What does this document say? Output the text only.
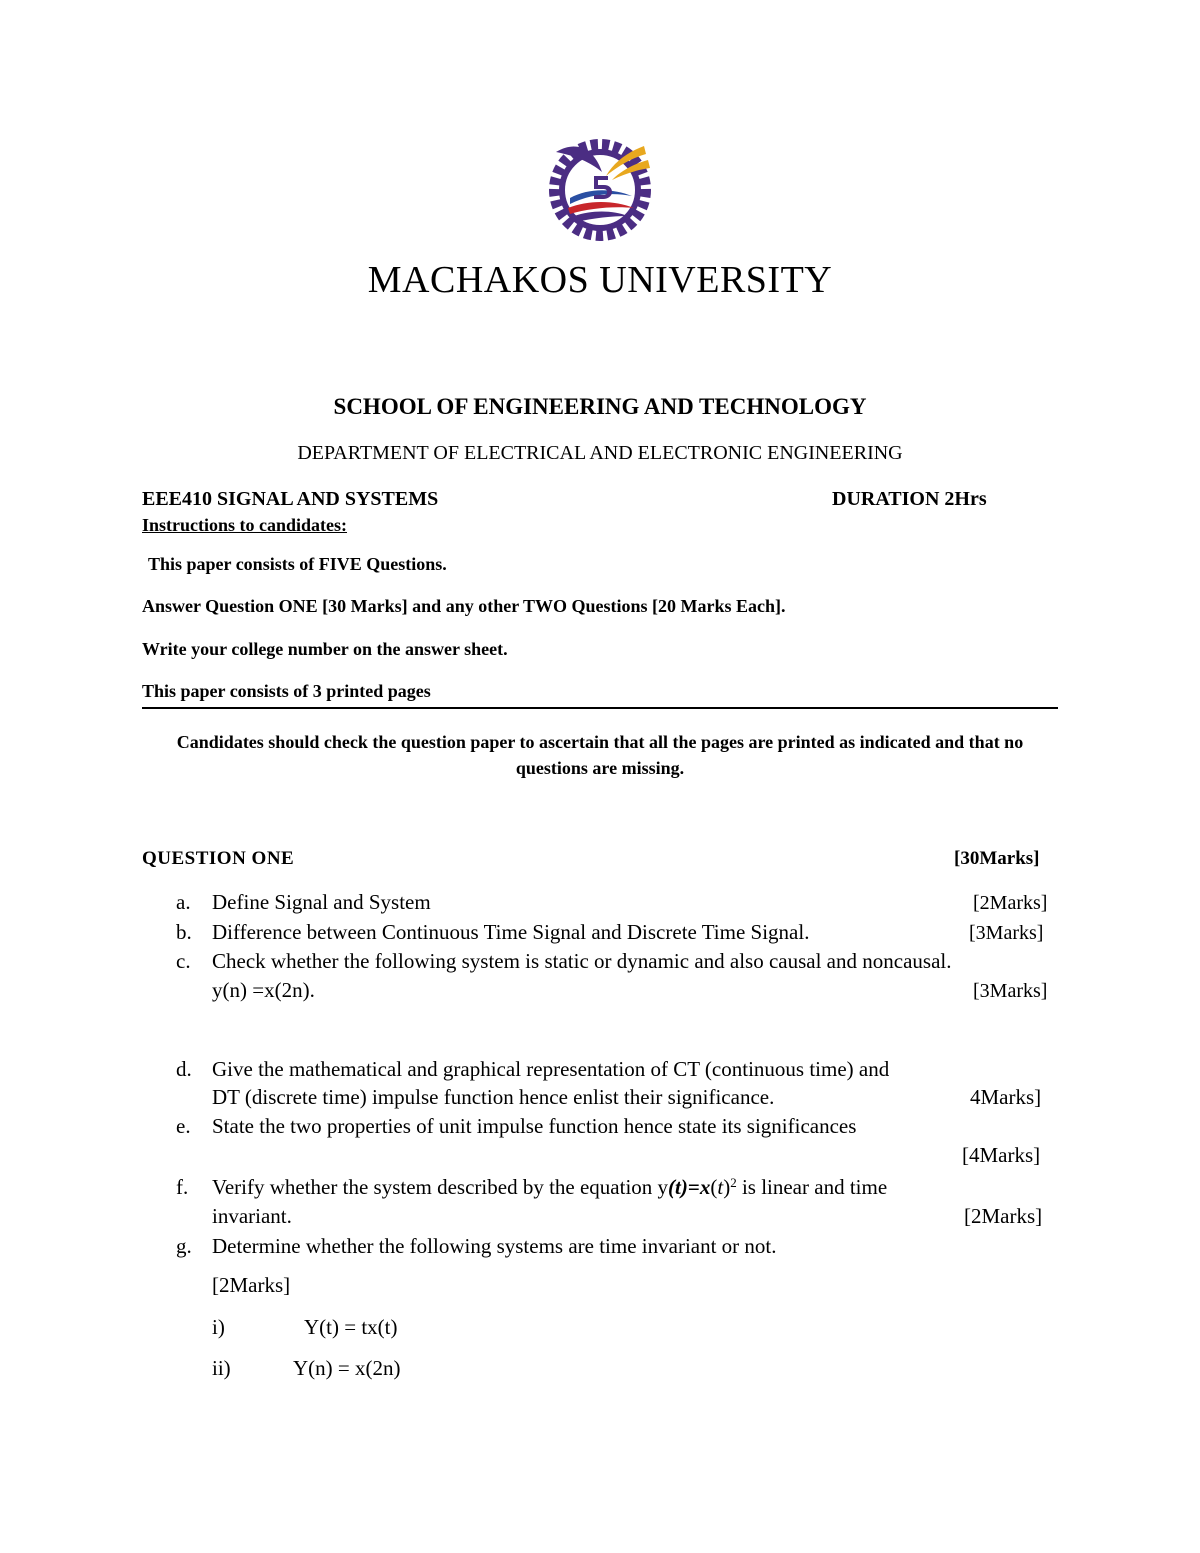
MACHAKOS UNIVERSITY
SCHOOL OF ENGINEERING AND TECHNOLOGY
DEPARTMENT OF ELECTRICAL AND ELECTRONIC ENGINEERING
EEE410 SIGNAL AND SYSTEMS	DURATION 2Hrs
Instructions to candidates:
This paper consists of FIVE Questions.
Answer Question ONE [30 Marks] and any other TWO Questions [20 Marks Each].
Write your college number on the answer sheet.
This paper consists of 3 printed pages
Candidates should check the question paper to ascertain that all the pages are printed as indicated and that no questions are missing.
QUESTION ONE	[30Marks]
a. Define Signal and System	[2Marks]
b. Difference between Continuous Time Signal and Discrete Time Signal.	[3Marks]
c. Check whether the following system is static or dynamic and also causal and noncausal.
y(n) =x(2n).	[3Marks]
d. Give the mathematical and graphical representation of CT (continuous time) and
DT (discrete time) impulse function hence enlist their significance.	4Marks]
e. State the two properties of unit impulse function hence state its significances
[4Marks]
f. Verify whether the system described by the equation $y(t)=x(t)^2$ is linear and time
invariant.	[2Marks]
g. Determine whether the following systems are time invariant or not.
[2Marks]
i)	Y(t) = tx(t)
ii)	Y(n) = x(2n)
